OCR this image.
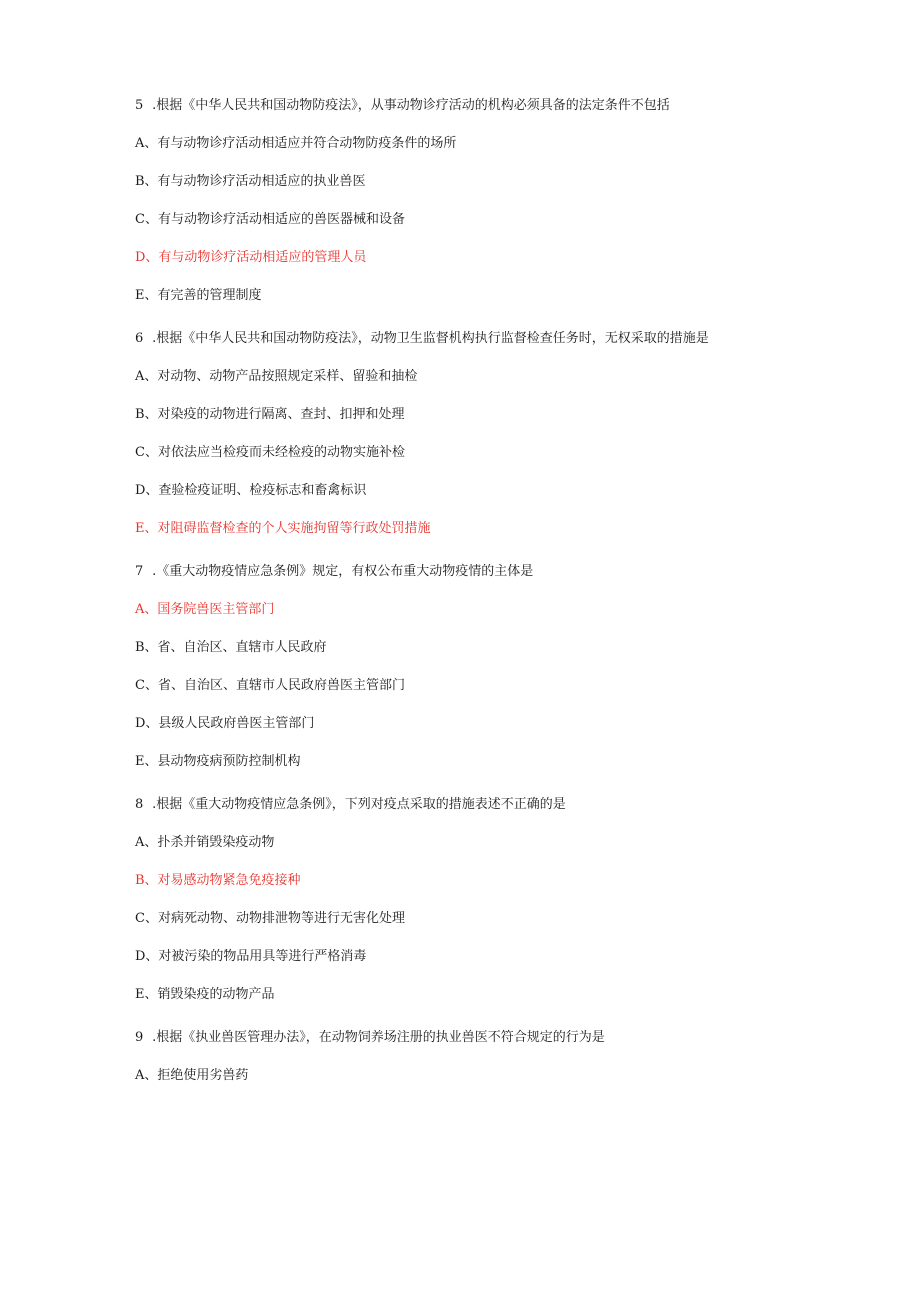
5 .根据《中华人民共和国动物防疫法》，从事动物诊疗活动的机构必须具备的法定条件不包括
A、有与动物诊疗活动相适应并符合动物防疫条件的场所
B、有与动物诊疗活动相适应的执业兽医
C、有与动物诊疗活动相适应的兽医器械和设备
D、有与动物诊疗活动相适应的管理人员
E、有完善的管理制度
6 .根据《中华人民共和国动物防疫法》，动物卫生监督机构执行监督检查任务时，无权采取的措施是
A、对动物、动物产品按照规定采样、留验和抽检
B、对染疫的动物进行隔离、查封、扣押和处理
C、对依法应当检疫而未经检疫的动物实施补检
D、查验检疫证明、检疫标志和畜禽标识
E、对阻碍监督检查的个人实施拘留等行政处罚措施
7 .《重大动物疫情应急条例》规定，有权公布重大动物疫情的主体是
A、国务院兽医主管部门
B、省、自治区、直辖市人民政府
C、省、自治区、直辖市人民政府兽医主管部门
D、县级人民政府兽医主管部门
E、县动物疫病预防控制机构
8 .根据《重大动物疫情应急条例》，下列对疫点采取的措施表述不正确的是
A、扑杀并销毁染疫动物
B、对易感动物紧急免疫接种
C、对病死动物、动物排泄物等进行无害化处理
D、对被污染的物品用具等进行严格消毒
E、销毁染疫的动物产品
9 .根据《执业兽医管理办法》，在动物饲养场注册的执业兽医不符合规定的行为是
A、拒绝使用劣兽药
